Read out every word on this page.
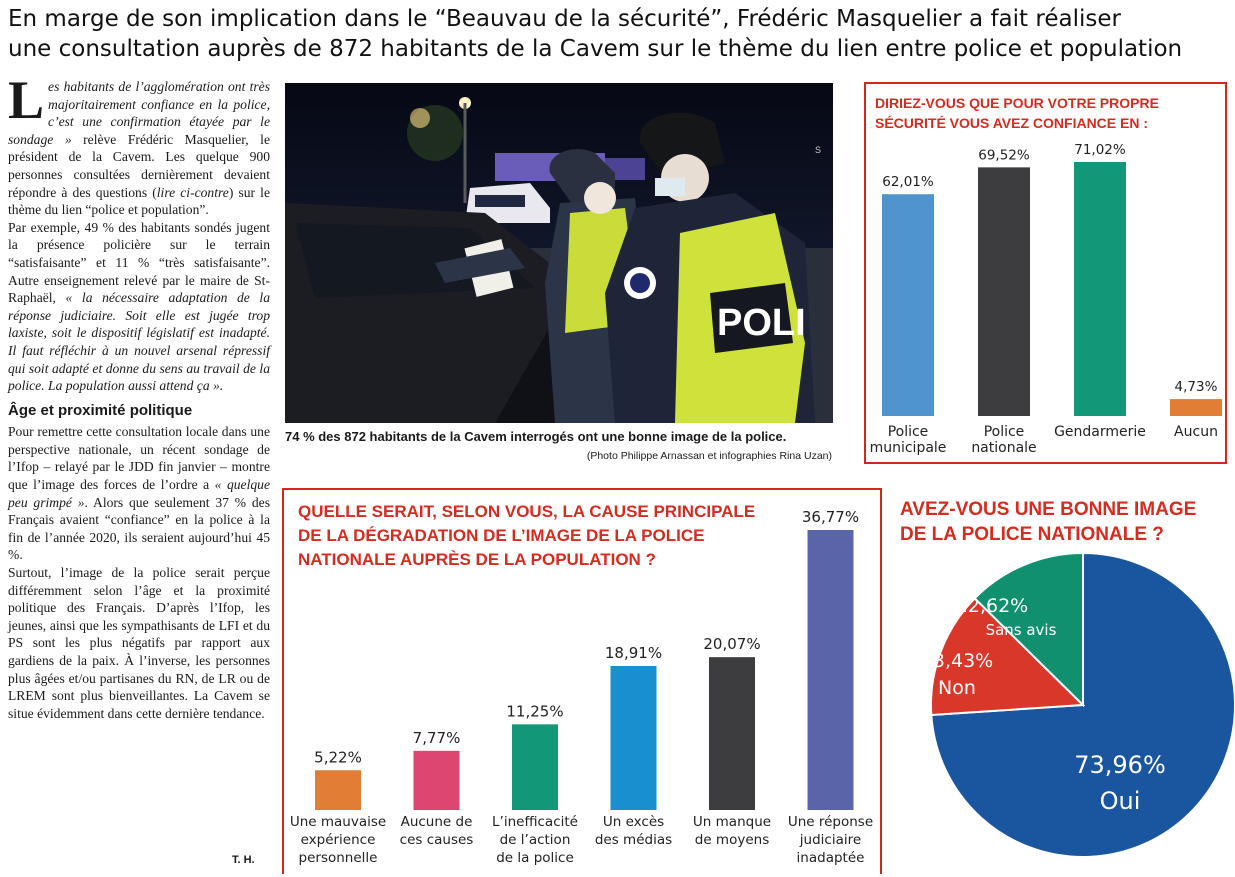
En marge de son implication dans le “Beauvau de la sécurité”, Frédéric Masquelier a fait réaliser
une consultation auprès de 872 habitants de la Cavem sur le thème du lien entre police et population

Les habitants de l’agglomération ont très majoritairement confiance en la police, c’est une confirmation étayée par le sondage » relève Frédéric Masquelier, le président de la Cavem. Les quelque 900 personnes consultées dernièrement devaient répondre à des questions (lire ci-contre) sur le thème du lien “police et population”.

Par exemple, 49 % des habitants sondés jugent la présence policière sur le terrain “satisfaisante” et 11 % “très satisfaisante”. Autre enseignement relevé par le maire de St-Raphaël, « la nécessaire adaptation de la réponse judiciaire. Soit elle est jugée trop laxiste, soit le dispositif législatif est inadapté. Il faut réfléchir à un nouvel arsenal répressif qui soit adapté et donne du sens au travail de la police. La population aussi attend ça ».

Âge et proximité politique

Pour remettre cette consultation locale dans une perspective nationale, un récent sondage de l’Ifop – relayé par le JDD fin janvier – montre que l’image des forces de l’ordre a « quelque peu grimpé ». Alors que seulement 37 % des Français avaient “confiance” en la police à la fin de l’année 2020, ils seraient aujourd’hui 45 %.

Surtout, l’image de la police serait perçue différemment selon l’âge et la proximité politique des Français. D’après l’Ifop, les jeunes, ainsi que les sympathisants de LFI et du PS sont les plus négatifs par rapport aux gardiens de la paix. À l’inverse, les personnes plus âgées et/ou partisanes du RN, de LR ou de LREM sont plus bienveillantes. La Cavem se situe évidemment dans cette dernière tendance.

T. H.
POLI
S
74 % des 872 habitants de la Cavem interrogés ont une bonne image de la police.
(Photo Philippe Arnassan et infographies Rina Uzan)
DIRIEZ-VOUS QUE POUR VOTRE PROPRE SÉCURITÉ VOUS AVEZ CONFIANCE EN :
62,01%
Police
municipale
69,52%
Police
nationale
71,02%
Gendarmerie
4,73%
Aucun
QUELLE SERAIT, SELON VOUS, LA CAUSE PRINCIPALE
DE LA DÉGRADATION DE L’IMAGE DE LA POLICE
NATIONALE AUPRÈS DE LA POPULATION ?
5,22%
Une mauvaise
expérience
personnelle
7,77%
Aucune de
ces causes
11,25%
L’inefficacité
de l’action
de la police
18,91%
Un excès
des médias
20,07%
Un manque
de moyens
36,77%
Une réponse
judiciaire
inadaptée
AVEZ-VOUS UNE BONNE IMAGE
DE LA POLICE NATIONALE ?
73,96%
Oui
13,43%
Non
12,62%
Sans avis
